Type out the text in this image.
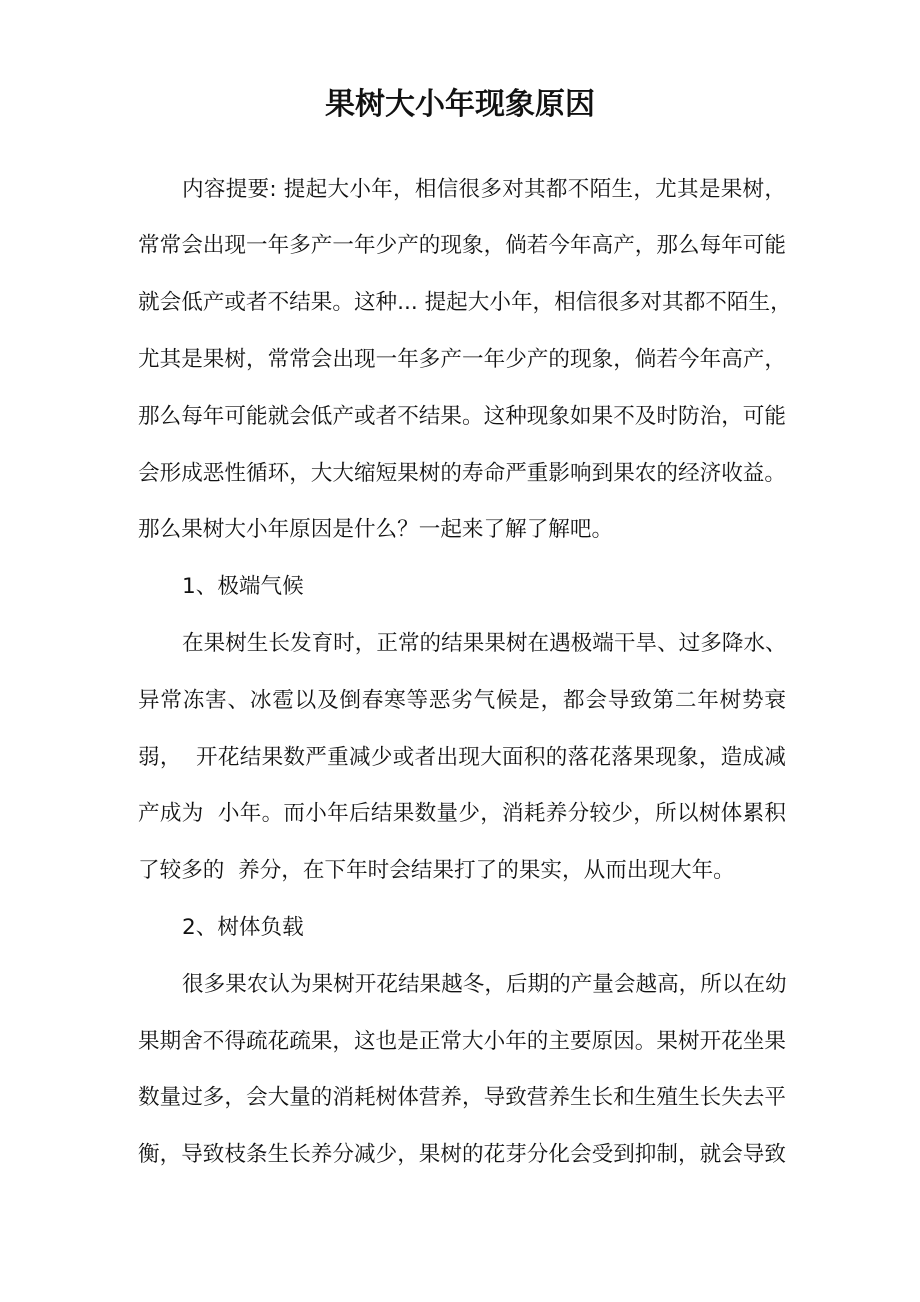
果树大小年现象原因
内容提要: 提起大小年，相信很多对其都不陌生，尤其是果树，
常常会出现一年多产一年少产的现象，倘若今年高产，那么每年可能
就会低产或者不结果。这种... 提起大小年，相信很多对其都不陌生，
尤其是果树，常常会出现一年多产一年少产的现象，倘若今年高产，
那么每年可能就会低产或者不结果。这种现象如果不及时防治，可能
会形成恶性循环，大大缩短果树的寿命严重影响到果农的经济收益。
那么果树大小年原因是什么？一起来了解了解吧。
1、极端气候
在果树生长发育时，正常的结果果树在遇极端干旱、过多降水、
异常冻害、冰雹以及倒春寒等恶劣气候是，都会导致第二年树势衰
弱，  开花结果数严重减少或者出现大面积的落花落果现象，造成减
产成为  小年。而小年后结果数量少，消耗养分较少，所以树体累积
了较多的  养分，在下年时会结果打了的果实，从而出现大年。
2、树体负载
很多果农认为果树开花结果越冬，后期的产量会越高，所以在幼
果期舍不得疏花疏果，这也是正常大小年的主要原因。果树开花坐果
数量过多，会大量的消耗树体营养，导致营养生长和生殖生长失去平
衡，导致枝条生长养分减少，果树的花芽分化会受到抑制，就会导致
